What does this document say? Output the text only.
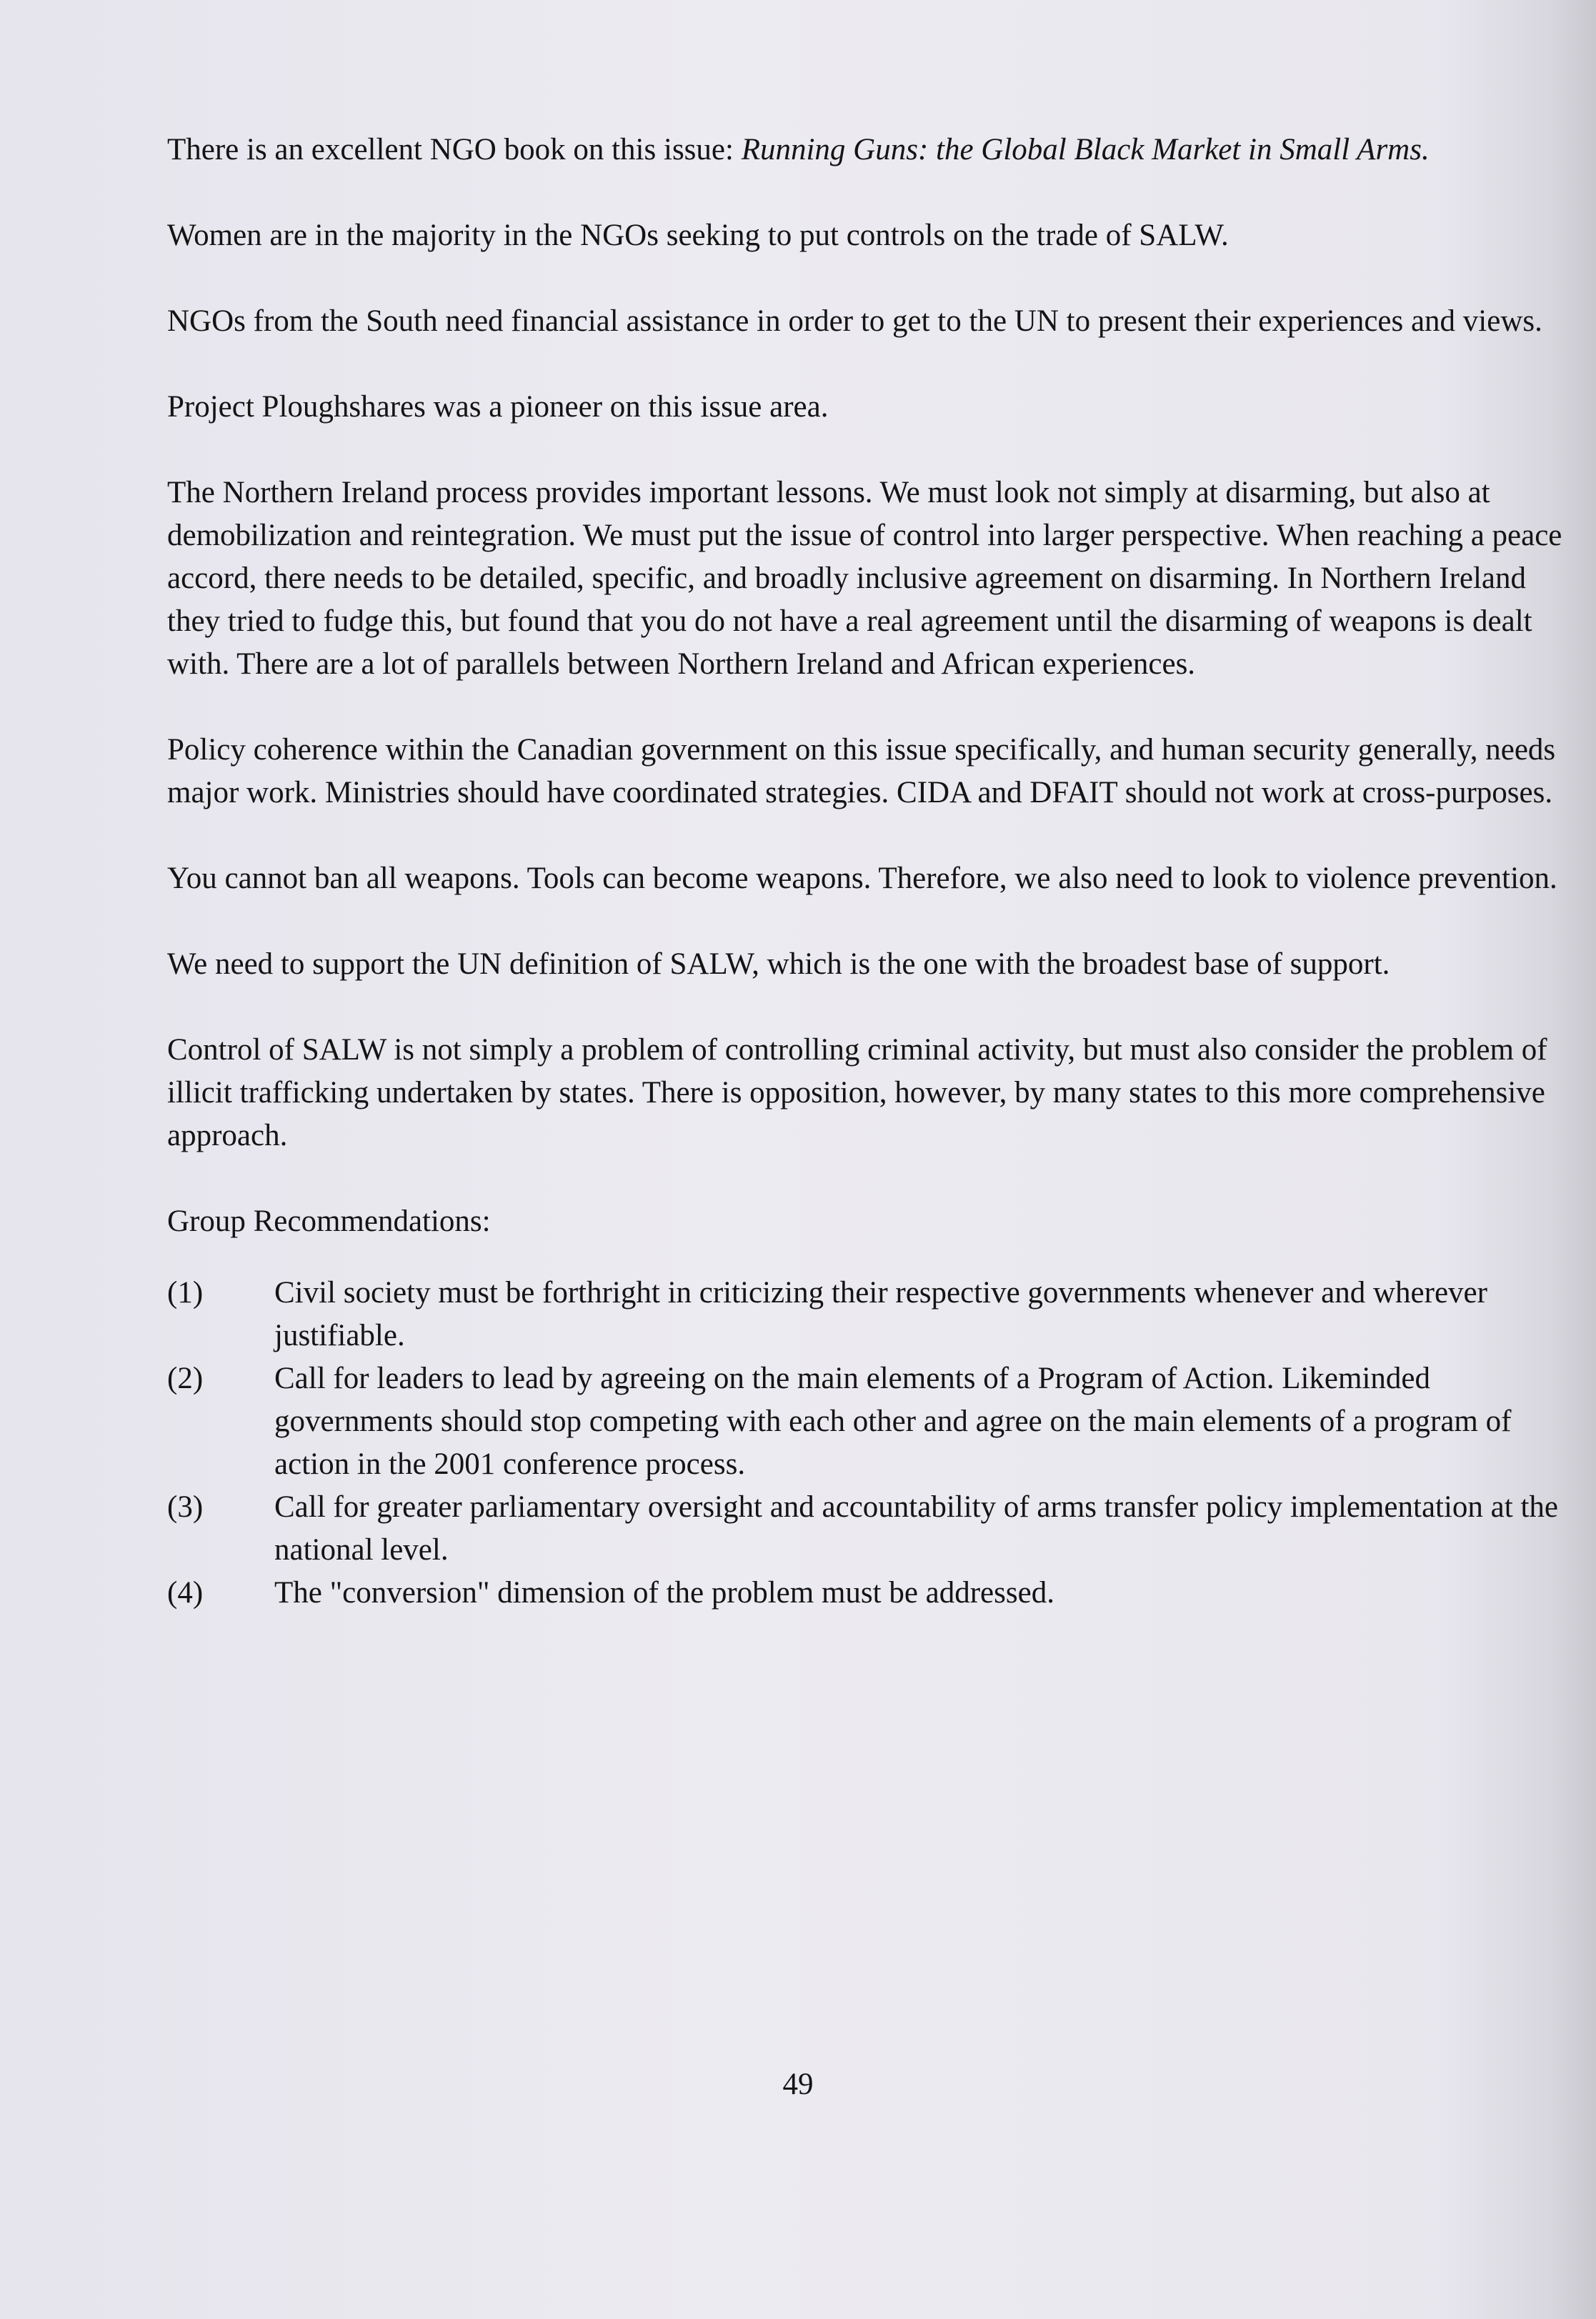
There is an excellent NGO book on this issue: Running Guns: the Global Black Market in Small Arms.

Women are in the majority in the NGOs seeking to put controls on the trade of SALW.

NGOs from the South need financial assistance in order to get to the UN to present their experiences and views.

Project Ploughshares was a pioneer on this issue area.

The Northern Ireland process provides important lessons. We must look not simply at disarming, but also at demobilization and reintegration. We must put the issue of control into larger perspective. When reaching a peace accord, there needs to be detailed, specific, and broadly inclusive agreement on disarming. In Northern Ireland they tried to fudge this, but found that you do not have a real agreement until the disarming of weapons is dealt with. There are a lot of parallels between Northern Ireland and African experiences.

Policy coherence within the Canadian government on this issue specifically, and human security generally, needs major work. Ministries should have coordinated strategies. CIDA and DFAIT should not work at cross-purposes.

You cannot ban all weapons. Tools can become weapons. Therefore, we also need to look to violence prevention.

We need to support the UN definition of SALW, which is the one with the broadest base of support.

Control of SALW is not simply a problem of controlling criminal activity, but must also consider the problem of illicit trafficking undertaken by states. There is opposition, however, by many states to this more comprehensive approach.

Group Recommendations:

(1)	Civil society must be forthright in criticizing their respective governments whenever and wherever justifiable.
(2)	Call for leaders to lead by agreeing on the main elements of a Program of Action. Likeminded governments should stop competing with each other and agree on the main elements of a program of action in the 2001 conference process.
(3)	Call for greater parliamentary oversight and accountability of arms transfer policy implementation at the national level.
(4)	The "conversion" dimension of the problem must be addressed.
49
